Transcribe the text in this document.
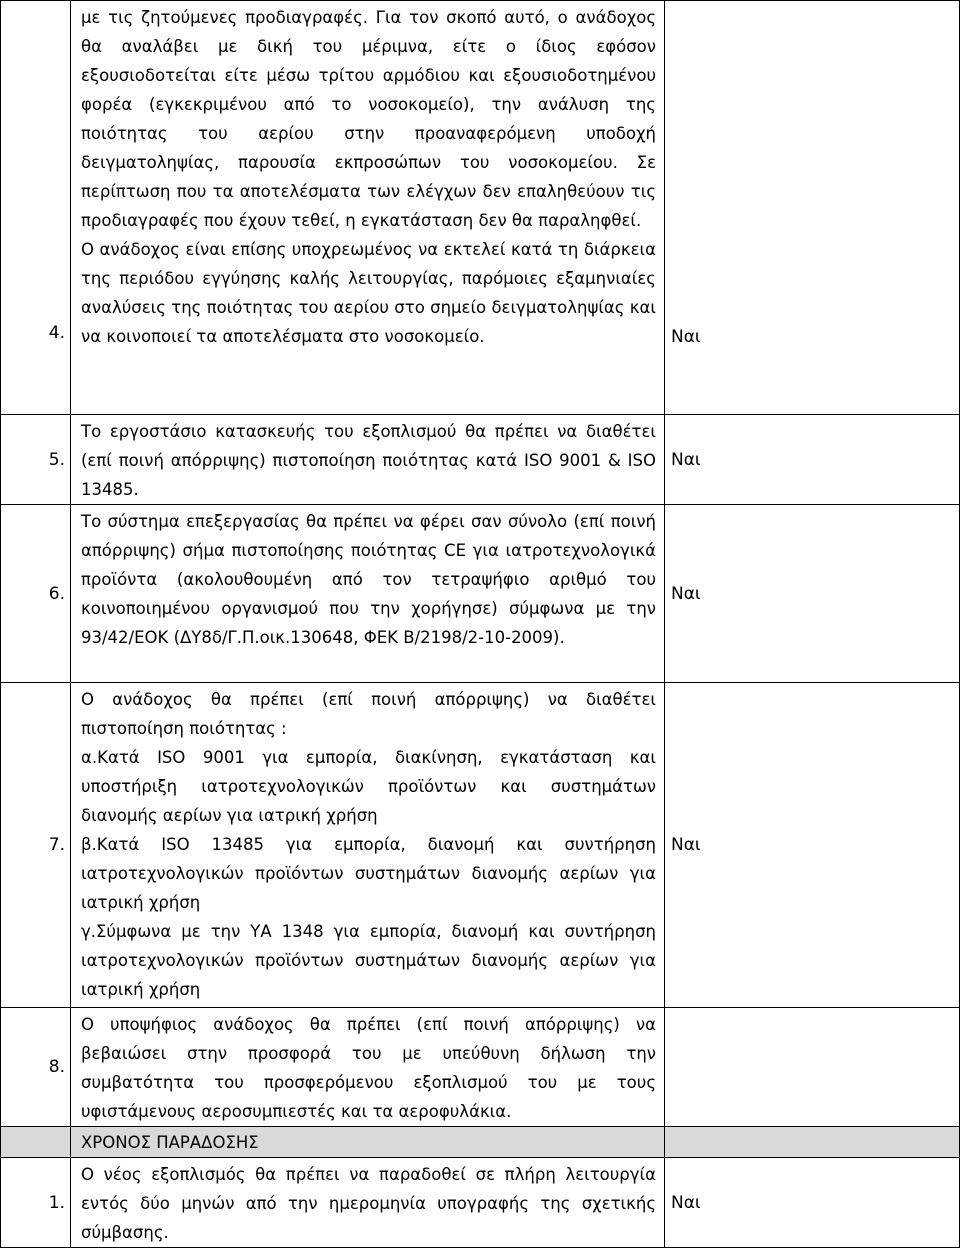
4.	με τις ζητούμενες προδιαγραφές. Για τον σκοπό αυτό, ο ανάδοχος θα αναλάβει με δική του μέριμνα, είτε ο ίδιος εφόσον εξουσιοδοτείται είτε μέσω τρίτου αρμόδιου και εξουσιοδοτημένου φορέα (εγκεκριμένου από το νοσοκομείο), την ανάλυση της ποιότητας του αερίου στην προαναφερόμενη υποδοχή δειγματοληψίας, παρουσία εκπροσώπων του νοσοκομείου. Σε περίπτωση που τα αποτελέσματα των ελέγχων δεν επαληθεύουν τις προδιαγραφές που έχουν τεθεί, η εγκατάσταση δεν θα παραληφθεί.

Ο ανάδοχος είναι επίσης υποχρεωμένος να εκτελεί κατά τη διάρκεια της περιόδου εγγύησης καλής λειτουργίας, παρόμοιες εξαμηνιαίες αναλύσεις της ποιότητας του αερίου στο σημείο δειγματοληψίας και να κοινοποιεί τα αποτελέσματα στο νοσοκομείο.	Ναι
5.	Το εργοστάσιο κατασκευής του εξοπλισμού θα πρέπει να διαθέτει (επί ποινή απόρριψης) πιστοποίηση ποιότητας κατά ISO 9001 & ISO 13485.	Ναι
6.	Το σύστημα επεξεργασίας θα πρέπει να φέρει σαν σύνολο (επί ποινή απόρριψης) σήμα πιστοποίησης ποιότητας CE για ιατροτεχνολογικά προϊόντα (ακολουθουμένη από τον τετραψήφιο αριθμό του κοινοποιημένου οργανισμού που την χορήγησε) σύμφωνα με την 93/42/ΕΟΚ (ΔΥ8δ/Γ.Π.οικ.130648, ΦΕΚ Β/2198/2-10-2009).	Ναι
7.	Ο ανάδοχος θα πρέπει (επί ποινή απόρριψης) να διαθέτει πιστοποίηση ποιότητας :

α.Κατά ISO 9001 για εμπορία, διακίνηση, εγκατάσταση και υποστήριξη ιατροτεχνολογικών προϊόντων και συστημάτων διανομής αερίων για ιατρική χρήση

β.Κατά ISO 13485 για εμπορία, διανομή και συντήρηση ιατροτεχνολογικών προϊόντων συστημάτων διανομής αερίων για ιατρική χρήση

γ.Σύμφωνα με την ΥΑ 1348 για εμπορία, διανομή και συντήρηση ιατροτεχνολογικών προϊόντων συστημάτων διανομής αερίων για ιατρική χρήση	Ναι
8.	Ο υποψήφιος ανάδοχος θα πρέπει (επί ποινή απόρριψης) να βεβαιώσει στην προσφορά του με υπεύθυνη δήλωση την συμβατότητα του προσφερόμενου εξοπλισμού του με τους υφιστάμενους αεροσυμπιεστές και τα αεροφυλάκια.	

	ΧΡΟΝΟΣ ΠΑΡΑΔΟΣΗΣ	
1.	Ο νέος εξοπλισμός θα πρέπει να παραδοθεί σε πλήρη λειτουργία εντός δύο μηνών από την ημερομηνία υπογραφής της σχετικής σύμβασης.	Ναι
